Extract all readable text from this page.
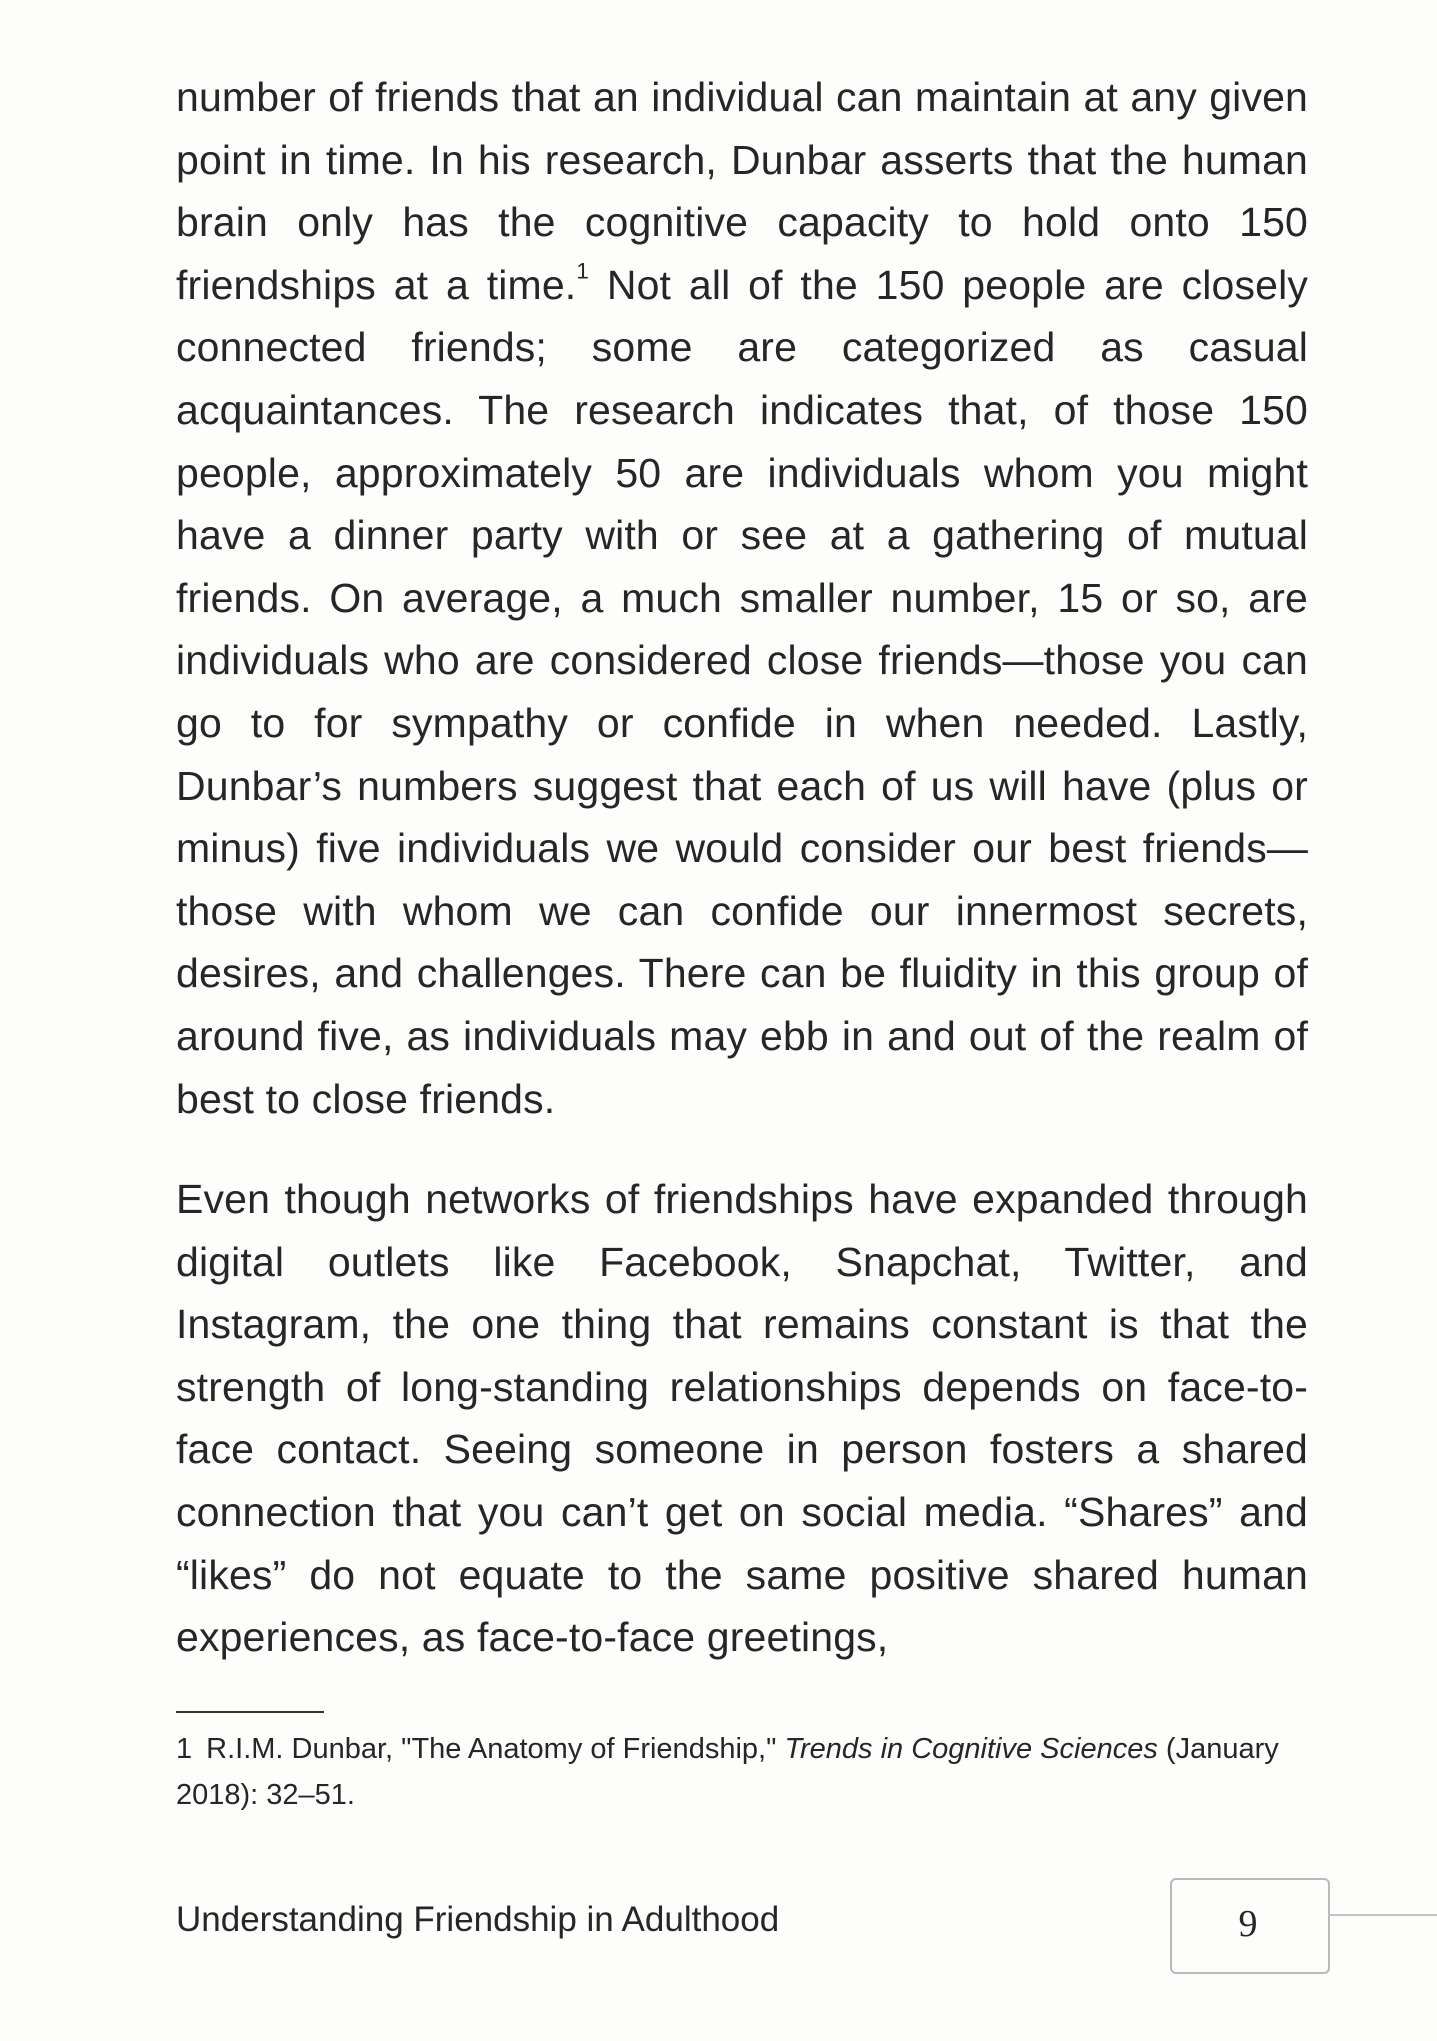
number of friends that an individual can maintain at any given point in time. In his research, Dunbar asserts that the human brain only has the cognitive capacity to hold onto 150 friendships at a time.$^1$ Not all of the 150 people are closely connected friends; some are categorized as casual acquaintances. The research indicates that, of those 150 people, approximately 50 are individuals whom you might have a dinner party with or see at a gathering of mutual friends. On average, a much smaller number, 15 or so, are individuals who are considered close friends—those you can go to for sympathy or confide in when needed. Lastly, Dunbar’s numbers suggest that each of us will have (plus or minus) five individuals we would consider our best friends—those with whom we can confide our innermost secrets, desires, and challenges. There can be fluidity in this group of around five, as individuals may ebb in and out of the realm of best to close friends.

Even though networks of friendships have expanded through digital outlets like Facebook, Snapchat, Twitter, and Instagram, the one thing that remains constant is that the strength of long-standing relationships depends on face-to-face contact. Seeing someone in person fosters a shared connection that you can’t get on social media. “Shares” and “likes” do not equate to the same positive shared human experiences, as face-to-face greetings,

1 R.I.M. Dunbar, "The Anatomy of Friendship," Trends in Cognitive Sciences (January 2018): 32–51.

Understanding Friendship in Adulthood	9
